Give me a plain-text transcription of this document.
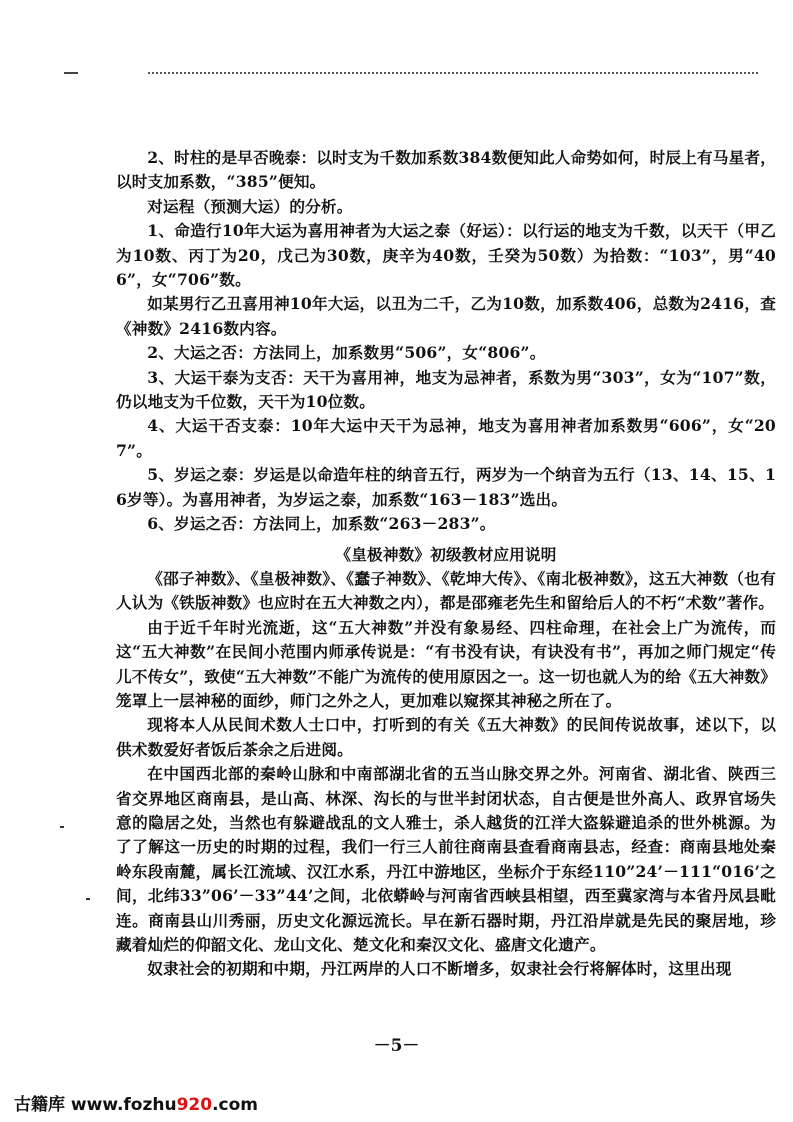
2、时柱的是早否晚泰：以时支为千数加系数384数便知此人命势如何，时辰上有马星者，以时支加系数，“385”便知。

对运程（预测大运）的分析。

1、命造行10年大运为喜用神者为大运之泰（好运）：以行运的地支为千数，以天干（甲乙为10数、丙丁为20，戊己为30数，庚辛为40数，壬癸为50数）为拾数：“103”，男“406”，女“706”数。

如某男行乙丑喜用神10年大运，以丑为二千，乙为10数，加系数406，总数为2416，查《神数》2416数内容。

2、大运之否：方法同上，加系数男“506”，女“806”。

3、大运干泰为支否：天干为喜用神，地支为忌神者，系数为男“303”，女为“107”数，仍以地支为千位数，天干为10位数。

4、大运干否支泰：10年大运中天干为忌神，地支为喜用神者加系数男“606”，女“207”。

5、岁运之泰：岁运是以命造年柱的纳音五行，两岁为一个纳音为五行（13、14、15、16岁等）。为喜用神者，为岁运之泰，加系数“163－183”选出。

6、岁运之否：方法同上，加系数“263－283”。

《皇极神数》初级教材应用说明

《邵子神数》、《皇极神数》、《蠢子神数》、《乾坤大传》、《南北极神数》，这五大神数（也有人认为《铁版神数》也应时在五大神数之内），都是邵雍老先生和留给后人的不朽“术数”著作。

由于近千年时光流逝，这“五大神数”并没有象易经、四柱命理，在社会上广为流传，而这“五大神数”在民间小范围内师承传说是：“有书没有诀，有诀没有书”，再加之师门规定“传儿不传女”，致使“五大神数”不能广为流传的使用原因之一。这一切也就人为的给《五大神数》笼罩上一层神秘的面纱，师门之外之人，更加难以窥探其神秘之所在了。

现将本人从民间术数人士口中，打听到的有关《五大神数》的民间传说故事，述以下，以供术数爱好者饭后茶余之后进阅。

在中国西北部的秦岭山脉和中南部湖北省的五当山脉交界之外。河南省、湖北省、陕西三省交界地区商南县，是山高、林深、沟长的与世半封闭状态，自古便是世外高人、政界官场失意的隐居之处，当然也有躲避战乱的文人雅士，杀人越货的江洋大盗躲避追杀的世外桃源。为了了解这一历史的时期的过程，我们一行三人前往商南县查看商南县志，经查：商南县地处秦岭东段南麓，属长江流域、汉江水系，丹江中游地区，坐标介于东经110”24’－111“016’之间，北纬33”06’－33”44’之间，北依蟒岭与河南省西峡县相望，西至冀家湾与本省丹凤县毗连。商南县山川秀丽，历史文化源远流长。早在新石器时期，丹江沿岸就是先民的聚居地，珍藏着灿烂的仰韶文化、龙山文化、楚文化和秦汉文化、盛唐文化遗产。

奴隶社会的初期和中期，丹江两岸的人口不断增多，奴隶社会行将解体时，这里出现

－5－
古籍库 www.fozhu920.com
